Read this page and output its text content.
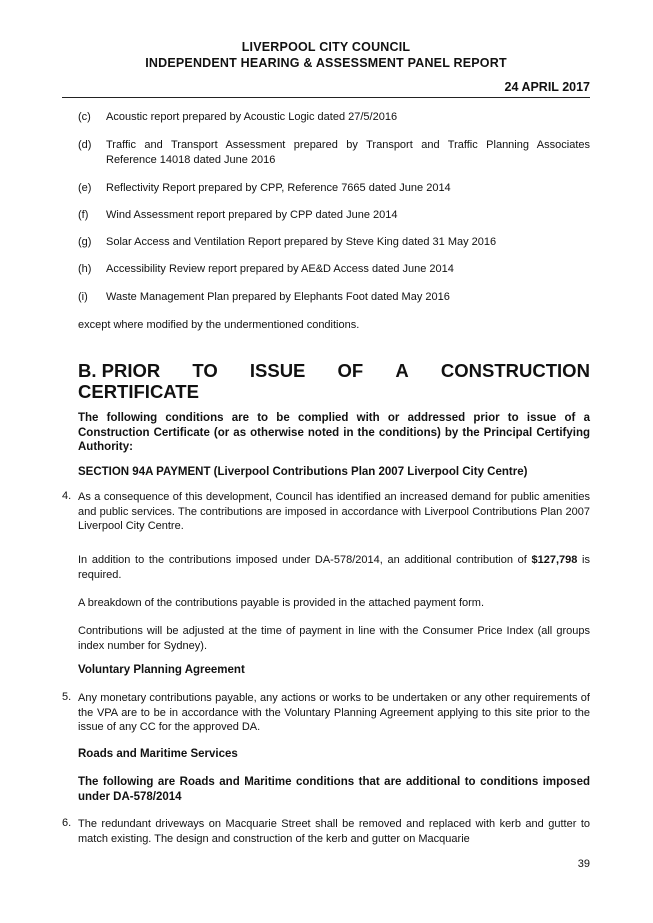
LIVERPOOL CITY COUNCIL
INDEPENDENT HEARING & ASSESSMENT PANEL REPORT
24 APRIL 2017
(c) Acoustic report prepared by Acoustic Logic dated 27/5/2016
(d) Traffic and Transport Assessment prepared by Transport and Traffic Planning Associates Reference 14018 dated June 2016
(e) Reflectivity Report prepared by CPP, Reference 7665 dated June 2014
(f) Wind Assessment report prepared by CPP dated June 2014
(g) Solar Access and Ventilation Report prepared by Steve King dated 31 May 2016
(h) Accessibility Review report prepared by AE&D Access dated June 2014
(i) Waste Management Plan prepared by Elephants Foot dated May 2016
except where modified by the undermentioned conditions.
B. PRIOR TO ISSUE OF A CONSTRUCTION
CERTIFICATE
The following conditions are to be complied with or addressed prior to issue of a Construction Certificate (or as otherwise noted in the conditions) by the Principal Certifying Authority:
SECTION 94A PAYMENT (Liverpool Contributions Plan 2007 Liverpool City Centre)
4. As a consequence of this development, Council has identified an increased demand for public amenities and public services. The contributions are imposed in accordance with Liverpool Contributions Plan 2007 Liverpool City Centre.
In addition to the contributions imposed under DA-578/2014, an additional contribution of $127,798 is required.
A breakdown of the contributions payable is provided in the attached payment form.
Contributions will be adjusted at the time of payment in line with the Consumer Price Index (all groups index number for Sydney).
Voluntary Planning Agreement
5. Any monetary contributions payable, any actions or works to be undertaken or any other requirements of the VPA are to be in accordance with the Voluntary Planning Agreement applying to this site prior to the issue of any CC for the approved DA.
Roads and Maritime Services
The following are Roads and Maritime conditions that are additional to conditions imposed under DA-578/2014
6. The redundant driveways on Macquarie Street shall be removed and replaced with kerb and gutter to match existing. The design and construction of the kerb and gutter on Macquarie
39
